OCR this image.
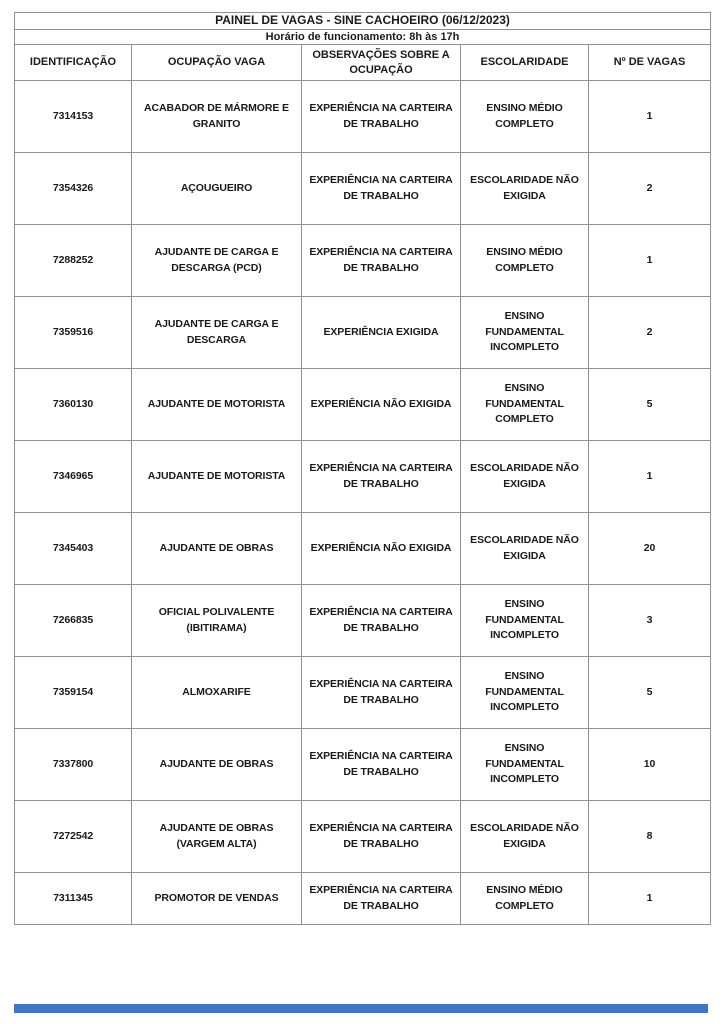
PAINEL DE VAGAS - SINE CACHOEIRO (06/12/2023)				
Horário de funcionamento: 8h às 17h				
IDENTIFICAÇÃO	OCUPAÇÃO VAGA	OBSERVAÇÕES SOBRE A OCUPAÇÃO	ESCOLARIDADE	Nº DE VAGAS
7314153	ACABADOR DE MÁRMORE E GRANITO	EXPERIÊNCIA NA CARTEIRA DE TRABALHO	ENSINO MÉDIO COMPLETO	1
7354326	AÇOUGUEIRO	EXPERIÊNCIA NA CARTEIRA DE TRABALHO	ESCOLARIDADE NÃO EXIGIDA	2
7288252	AJUDANTE DE CARGA E DESCARGA (PCD)	EXPERIÊNCIA NA CARTEIRA DE TRABALHO	ENSINO MÉDIO COMPLETO	1
7359516	AJUDANTE DE CARGA E DESCARGA	EXPERIÊNCIA EXIGIDA	ENSINO FUNDAMENTAL INCOMPLETO	2
7360130	AJUDANTE DE MOTORISTA	EXPERIÊNCIA NÃO EXIGIDA	ENSINO FUNDAMENTAL COMPLETO	5
7346965	AJUDANTE DE MOTORISTA	EXPERIÊNCIA NA CARTEIRA DE TRABALHO	ESCOLARIDADE NÃO EXIGIDA	1
7345403	AJUDANTE DE OBRAS	EXPERIÊNCIA NÃO EXIGIDA	ESCOLARIDADE NÃO EXIGIDA	20
7266835	OFICIAL POLIVALENTE (IBITIRAMA)	EXPERIÊNCIA NA CARTEIRA DE TRABALHO	ENSINO FUNDAMENTAL INCOMPLETO	3
7359154	ALMOXARIFE	EXPERIÊNCIA NA CARTEIRA DE TRABALHO	ENSINO FUNDAMENTAL INCOMPLETO	5
7337800	AJUDANTE DE OBRAS	EXPERIÊNCIA NA CARTEIRA DE TRABALHO	ENSINO FUNDAMENTAL INCOMPLETO	10
7272542	AJUDANTE DE OBRAS (VARGEM ALTA)	EXPERIÊNCIA NA CARTEIRA DE TRABALHO	ESCOLARIDADE NÃO EXIGIDA	8
7311345	PROMOTOR DE VENDAS	EXPERIÊNCIA NA CARTEIRA DE TRABALHO	ENSINO MÉDIO COMPLETO	1
